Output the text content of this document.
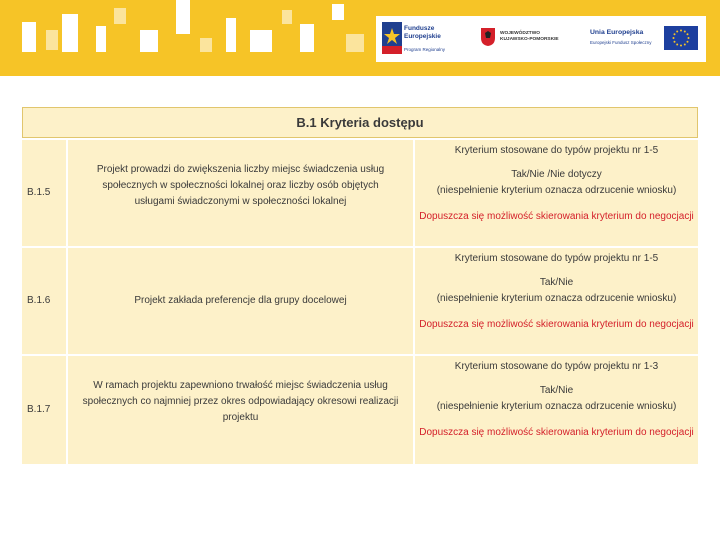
Fundusze
Europejskie
Program Regionalny
WOJEWÓDZTWO
KUJAWSKO-POMORSKIE
Unia Europejska
Europejski Fundusz Społeczny
B.1 Kryteria dostępu
B.1.5
Projekt prowadzi do zwiększenia liczby miejsc świadczenia usług społecznych w społeczności lokalnej oraz liczby osób objętych usługami świadczonymi w społeczności lokalnej
Kryterium stosowane do typów projektu nr 1-5
Tak/Nie /Nie dotyczy
(niespełnienie kryterium oznacza odrzucenie wniosku)
Dopuszcza się możliwość skierowania kryterium do negocjacji
B.1.6	Projekt zakłada preferencje dla grupy docelowej
Kryterium stosowane do typów projektu nr 1-5
Tak/Nie
(niespełnienie kryterium oznacza odrzucenie wniosku)
Dopuszcza się możliwość skierowania kryterium do negocjacji
B.1.7
W ramach projektu zapewniono trwałość miejsc świadczenia usług społecznych co najmniej przez okres odpowiadający okresowi realizacji projektu
Kryterium stosowane do typów projektu nr 1-3
Tak/Nie
(niespełnienie kryterium oznacza odrzucenie wniosku)
Dopuszcza się możliwość skierowania kryterium do negocjacji
